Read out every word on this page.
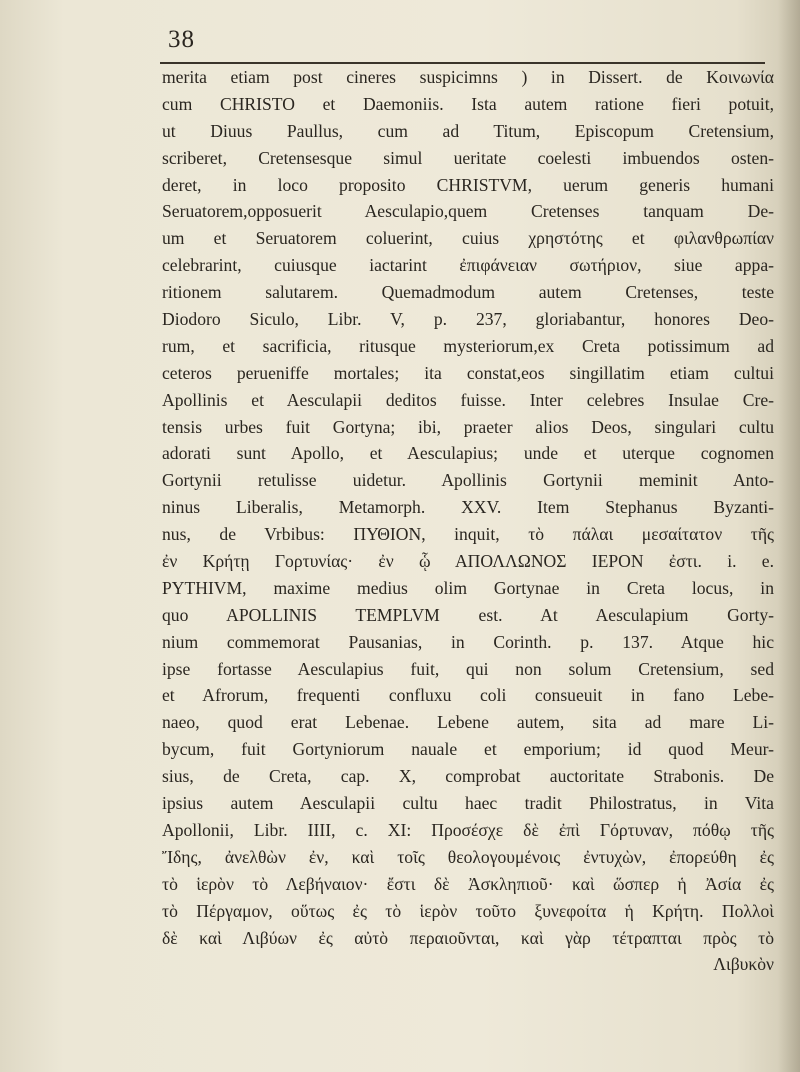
38
merita etiam post cineres suspicimns ) in Dissert. de Κοινωνία
cum CHRISTO et Daemoniis. Ista autem ratione fieri potuit,
ut Diuus Paullus, cum ad Titum, Episcopum Cretensium,
scriberet, Cretensesque simul ueritate coelesti imbuendos osten-
deret, in loco proposito CHRISTVM, uerum generis humani
Seruatorem,opposuerit Aesculapio,quem Cretenses tanquam De-
um et Seruatorem coluerint, cuius χρηστότης et φιλανθρωπίαν
celebrarint, cuiusque iactarint ἐπιφάνειαν σωτήριον, siue appa-
ritionem salutarem. Quemadmodum autem Cretenses, teste
Diodoro Siculo, Libr. V, p. 237, gloriabantur, honores Deo-
rum, et sacrificia, ritusque mysteriorum,ex Creta potissimum ad
ceteros perueniffe mortales; ita constat,eos singillatim etiam cultui
Apollinis et Aesculapii deditos fuisse. Inter celebres Insulae Cre-
tensis urbes fuit Gortyna; ibi, praeter alios Deos, singulari cultu
adorati sunt Apollo, et Aesculapius; unde et uterque cognomen
Gortynii retulisse uidetur. Apollinis Gortynii meminit Anto-
ninus Liberalis, Metamorph. XXV. Item Stephanus Byzanti-
nus, de Vrbibus: ΠΥΘΙΟΝ, inquit, τὸ πάλαι μεσαίτατον τῆς
ἐν Κρήτῃ Γορτυνίας· ἐν ᾧ ΑΠΟΛΛΩΝΟΣ ΙΕΡΟΝ ἐστι. i. e.
PYTHIVM, maxime medius olim Gortynae in Creta locus, in
quo APOLLINIS TEMPLVM est. At Aesculapium Gorty-
nium commemorat Pausanias, in Corinth. p. 137. Atque hic
ipse fortasse Aesculapius fuit, qui non solum Cretensium, sed
et Afrorum, frequenti confluxu coli consueuit in fano Lebe-
naeo, quod erat Lebenae. Lebene autem, sita ad mare Li-
bycum, fuit Gortyniorum nauale et emporium; id quod Meur-
sius, de Creta, cap. X, comprobat auctoritate Strabonis. De
ipsius autem Aesculapii cultu haec tradit Philostratus, in Vita
Apollonii, Libr. IIII, c. XI: Προσέσχε δὲ ἐπὶ Γόρτυναν, πόθῳ τῆς
Ἴδης, ἀνελθὼν ἐν, καὶ τοῖς θεολογουμένοις ἐντυχὼν, ἐπορεύθη ἐς
τὸ ἱερὸν τὸ Λεβήναιον· ἔστι δὲ Ἀσκληπιοῦ· καὶ ὥσπερ ἡ Ἀσία ἐς
τὸ Πέργαμον, οὕτως ἐς τὸ ἱερὸν τοῦτο ξυνεφοίτα ἡ Κρήτη. Πολλοὶ
δὲ καὶ Λιβύων ἐς αὐτὸ περαιοῦνται, καὶ γὰρ τέτραπται πρὸς τὸ
Λιβυκὸν
